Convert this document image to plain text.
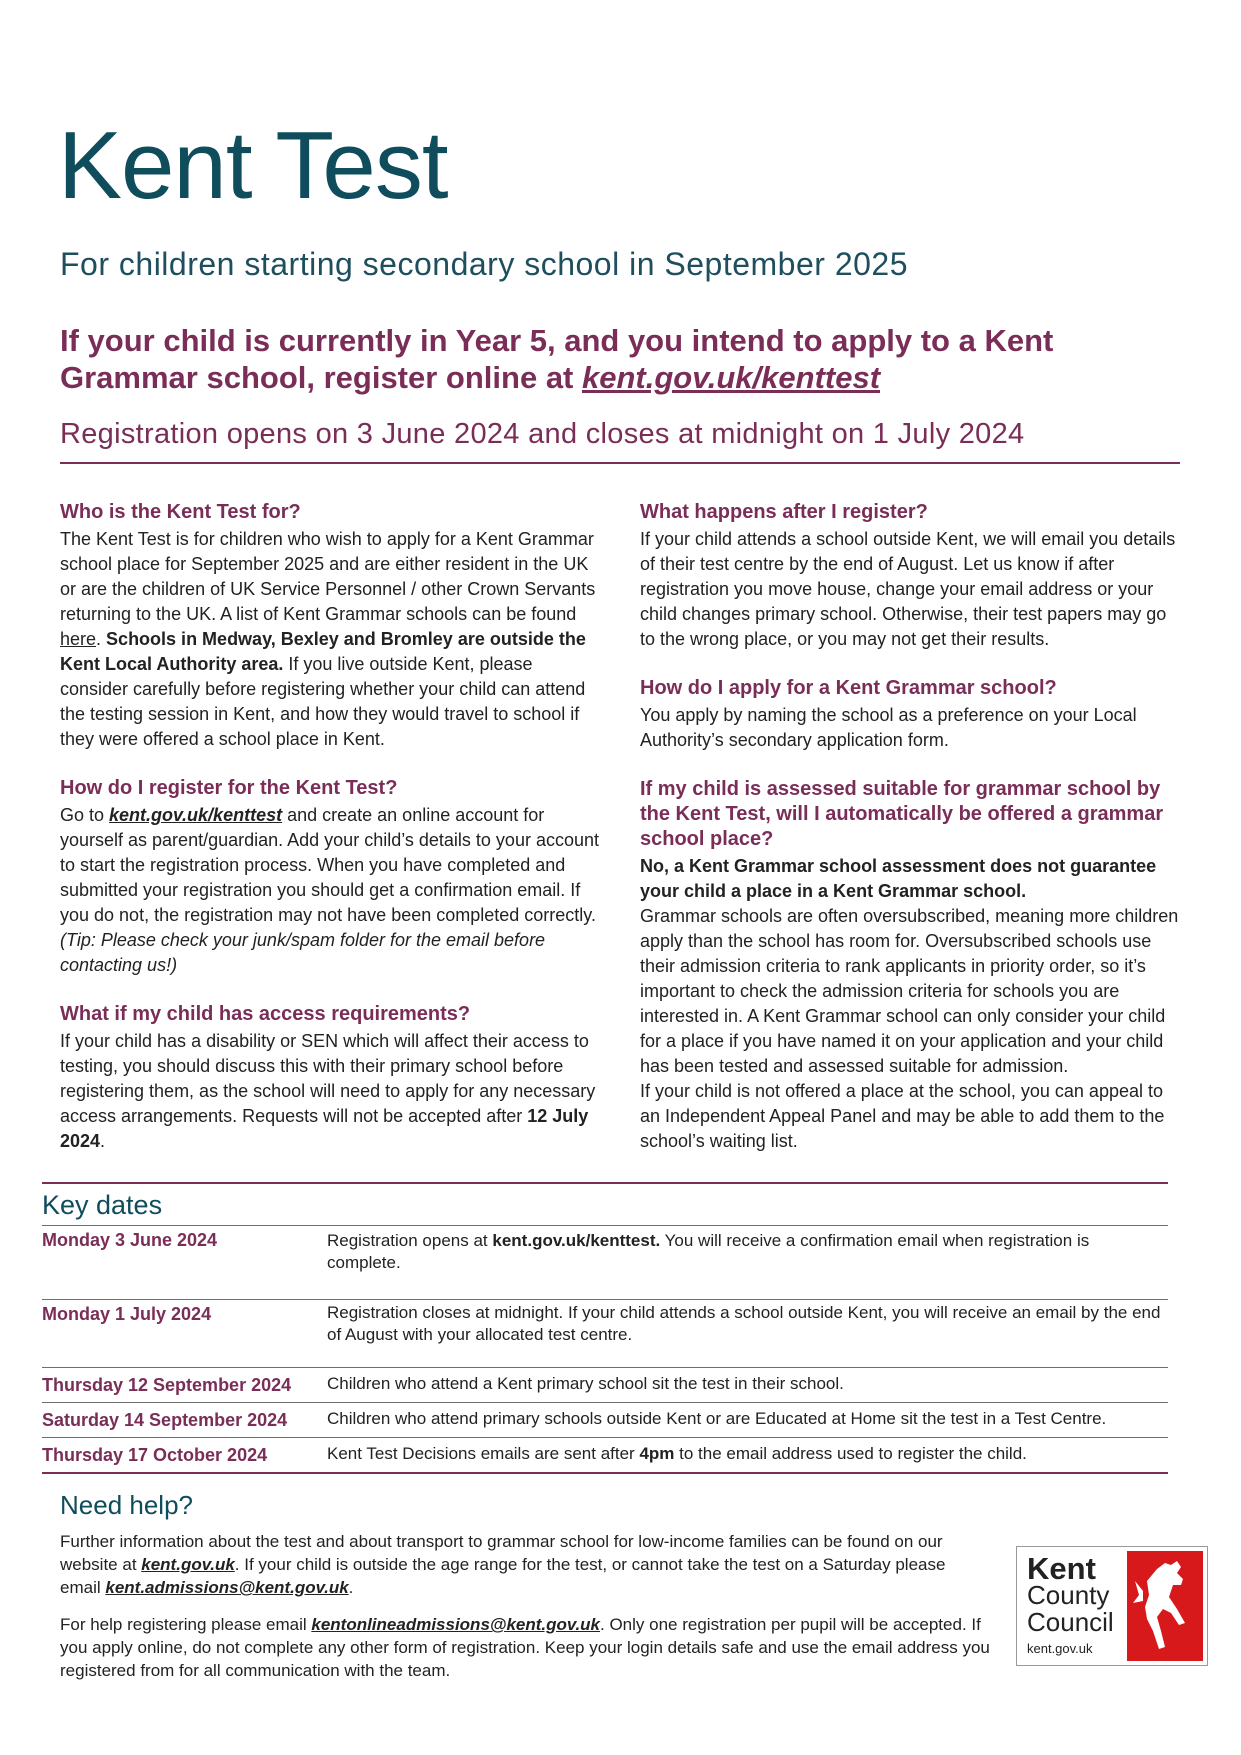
Kent Test
For children starting secondary school in September 2025
If your child is currently in Year 5, and you intend to apply to a Kent Grammar school, register online at kent.gov.uk/kenttest
Registration opens on 3 June 2024 and closes at midnight on 1 July 2024
Who is the Kent Test for?

The Kent Test is for children who wish to apply for a Kent Grammar school place for September 2025 and are either resident in the UK or are the children of UK Service Personnel / other Crown Servants returning to the UK. A list of Kent Grammar schools can be found here. Schools in Medway, Bexley and Bromley are outside the Kent Local Authority area. If you live outside Kent, please consider carefully before registering whether your child can attend the testing session in Kent, and how they would travel to school if they were offered a school place in Kent.

How do I register for the Kent Test?

Go to kent.gov.uk/kenttest and create an online account for yourself as parent/guardian. Add your child’s details to your account to start the registration process. When you have completed and submitted your registration you should get a confirmation email. If you do not, the registration may not have been completed correctly. (Tip: Please check your junk/spam folder for the email before contacting us!)

What if my child has access requirements?

If your child has a disability or SEN which will affect their access to testing, you should discuss this with their primary school before registering them, as the school will need to apply for any necessary access arrangements. Requests will not be accepted after 12 July 2024.

What happens after I register?

If your child attends a school outside Kent, we will email you details of their test centre by the end of August. Let us know if after registration you move house, change your email address or your child changes primary school. Otherwise, their test papers may go to the wrong place, or you may not get their results.

How do I apply for a Kent Grammar school?

You apply by naming the school as a preference on your Local Authority’s secondary application form.

If my child is assessed suitable for grammar school by the Kent Test, will I automatically be offered a grammar school place?

No, a Kent Grammar school assessment does not guarantee your child a place in a Kent Grammar school.

Grammar schools are often oversubscribed, meaning more children apply than the school has room for. Oversubscribed schools use their admission criteria to rank applicants in priority order, so it’s important to check the admission criteria for schools you are interested in. A Kent Grammar school can only consider your child for a place if you have named it on your application and your child has been tested and assessed suitable for admission.

If your child is not offered a place at the school, you can appeal to an Independent Appeal Panel and may be able to add them to the school’s waiting list.

Key dates
Monday 3 June 2024	Registration opens at kent.gov.uk/kenttest. You will receive a confirmation email when registration is complete.
Monday 1 July 2024	Registration closes at midnight. If your child attends a school outside Kent, you will receive an email by the end of August with your allocated test centre.
Thursday 12 September 2024 Children who attend a Kent primary school sit the test in their school.
Saturday 14 September 2024 Children who attend primary schools outside Kent or are Educated at Home sit the test in a Test Centre.
Thursday 17 October 2024	Kent Test Decisions emails are sent after 4pm to the email address used to register the child.
Need help?

Further information about the test and about transport to grammar school for low-income families can be found on our website at kent.gov.uk. If your child is outside the age range for the test, or cannot take the test on a Saturday please email kent.admissions@kent.gov.uk.

For help registering please email kentonlineadmissions@kent.gov.uk. Only one registration per pupil will be accepted. If you apply online, do not complete any other form of registration. Keep your login details safe and use the email address you registered from for all communication with the team.

Kent
County
Council
kent.gov.uk
